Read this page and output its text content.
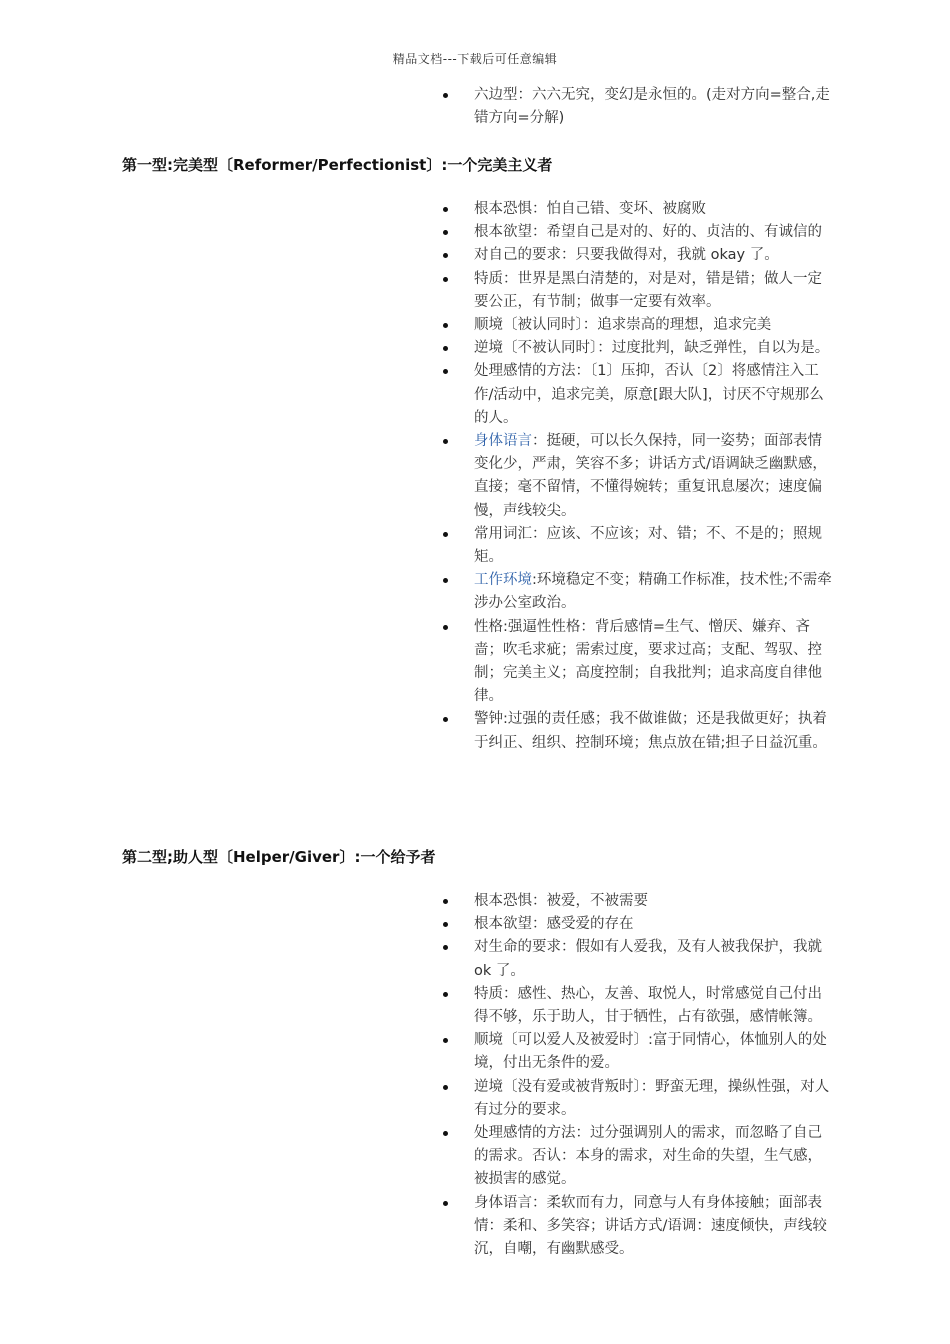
精品文档---下载后可任意编辑
六边型：六六无究，变幻是永恒的。(走对方向=整合,走错方向=分解)
第一型:完美型〔Reformer/Perfectionist〕:一个完美主义者
根本恐惧：怕自己错、变坏、被腐败
根本欲望：希望自己是对的、好的、贞洁的、有诚信的
对自己的要求：只要我做得对，我就 okay 了。
特质：世界是黑白清楚的，对是对，错是错；做人一定要公正，有节制；做事一定要有效率。
顺境〔被认同时〕：追求崇高的理想，追求完美
逆境〔不被认同时〕：过度批判，缺乏弹性，自以为是。
处理感情的方法：〔1〕压抑，否认〔2〕将感情注入工作/活动中，追求完美，原意[跟大队]，讨厌不守规那么的人。
身体语言：挺硬，可以长久保持，同一姿势；面部表情变化少，严肃，笑容不多；讲话方式/语调缺乏幽默感，直接；毫不留情，不懂得婉转；重复讯息屡次；速度偏慢，声线较尖。
常用词汇：应该、不应该；对、错；不、不是的；照规矩。
工作环境:环境稳定不变；精确工作标准，技术性;不需牵涉办公室政治。
性格:强逼性性格：背后感情=生气、憎厌、嫌弃、吝啬；吹毛求疵；需索过度，要求过高；支配、驾驭、控制；完美主义；高度控制；自我批判；追求高度自律他律。
警钟:过强的责任感；我不做谁做；还是我做更好；执着于纠正、组织、控制环境；焦点放在错;担子日益沉重。
第二型;助人型〔Helper/Giver〕:一个给予者
根本恐惧：被爱，不被需要
根本欲望：感受爱的存在
对生命的要求：假如有人爱我，及有人被我保护，我就 ok 了。
特质：感性、热心，友善、取悦人，时常感觉自己付出得不够，乐于助人，甘于牺性，占有欲强，感情帐簿。
顺境〔可以爱人及被爱时〕:富于同情心，体恤别人的处境，付出无条件的爱。
逆境〔没有爱或被背叛时〕：野蛮无理，操纵性强，对人有过分的要求。
处理感情的方法：过分强调别人的需求，而忽略了自己的需求。否认：本身的需求，对生命的失望，生气感，被损害的感觉。
身体语言：柔软而有力，同意与人有身体接触；面部表情：柔和、多笑容；讲话方式/语调：速度倾快，声线较沉，自嘲，有幽默感受。
